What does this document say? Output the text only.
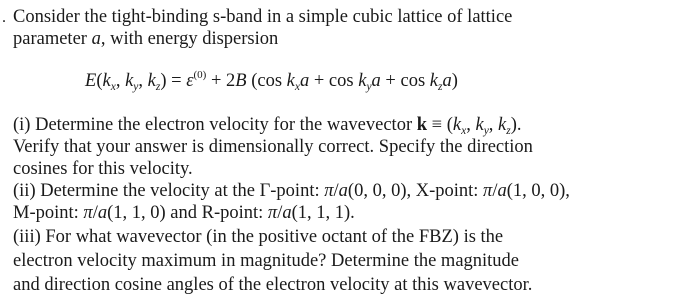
. Consider the tight-binding s-band in a simple cubic lattice of lattice
parameter a, with energy dispersion
$E(k_x$, $k_y$, $k_z) = \varepsilon^{(0)} + 2B$ (cos $k_xa + \cos k_ya + \cos k_za$)
(i) Determine the electron velocity for the wavevector $k \equiv (k_x$, $k_y$, $k_z$).
Verify that your answer is dimensionally correct. Specify the direction
cosines for this velocity.
(ii) Determine the velocity at the Γ-point: π/a(0, 0, 0), X-point: π/a(1, 0, 0),
M-point: π/a(1, 1, 0) and R-point: π/a(1, 1, 1).
(iii) For what wavevector (in the positive octant of the FBZ) is the
electron velocity maximum in magnitude? Determine the magnitude
and direction cosine angles of the electron velocity at this wavevector.
